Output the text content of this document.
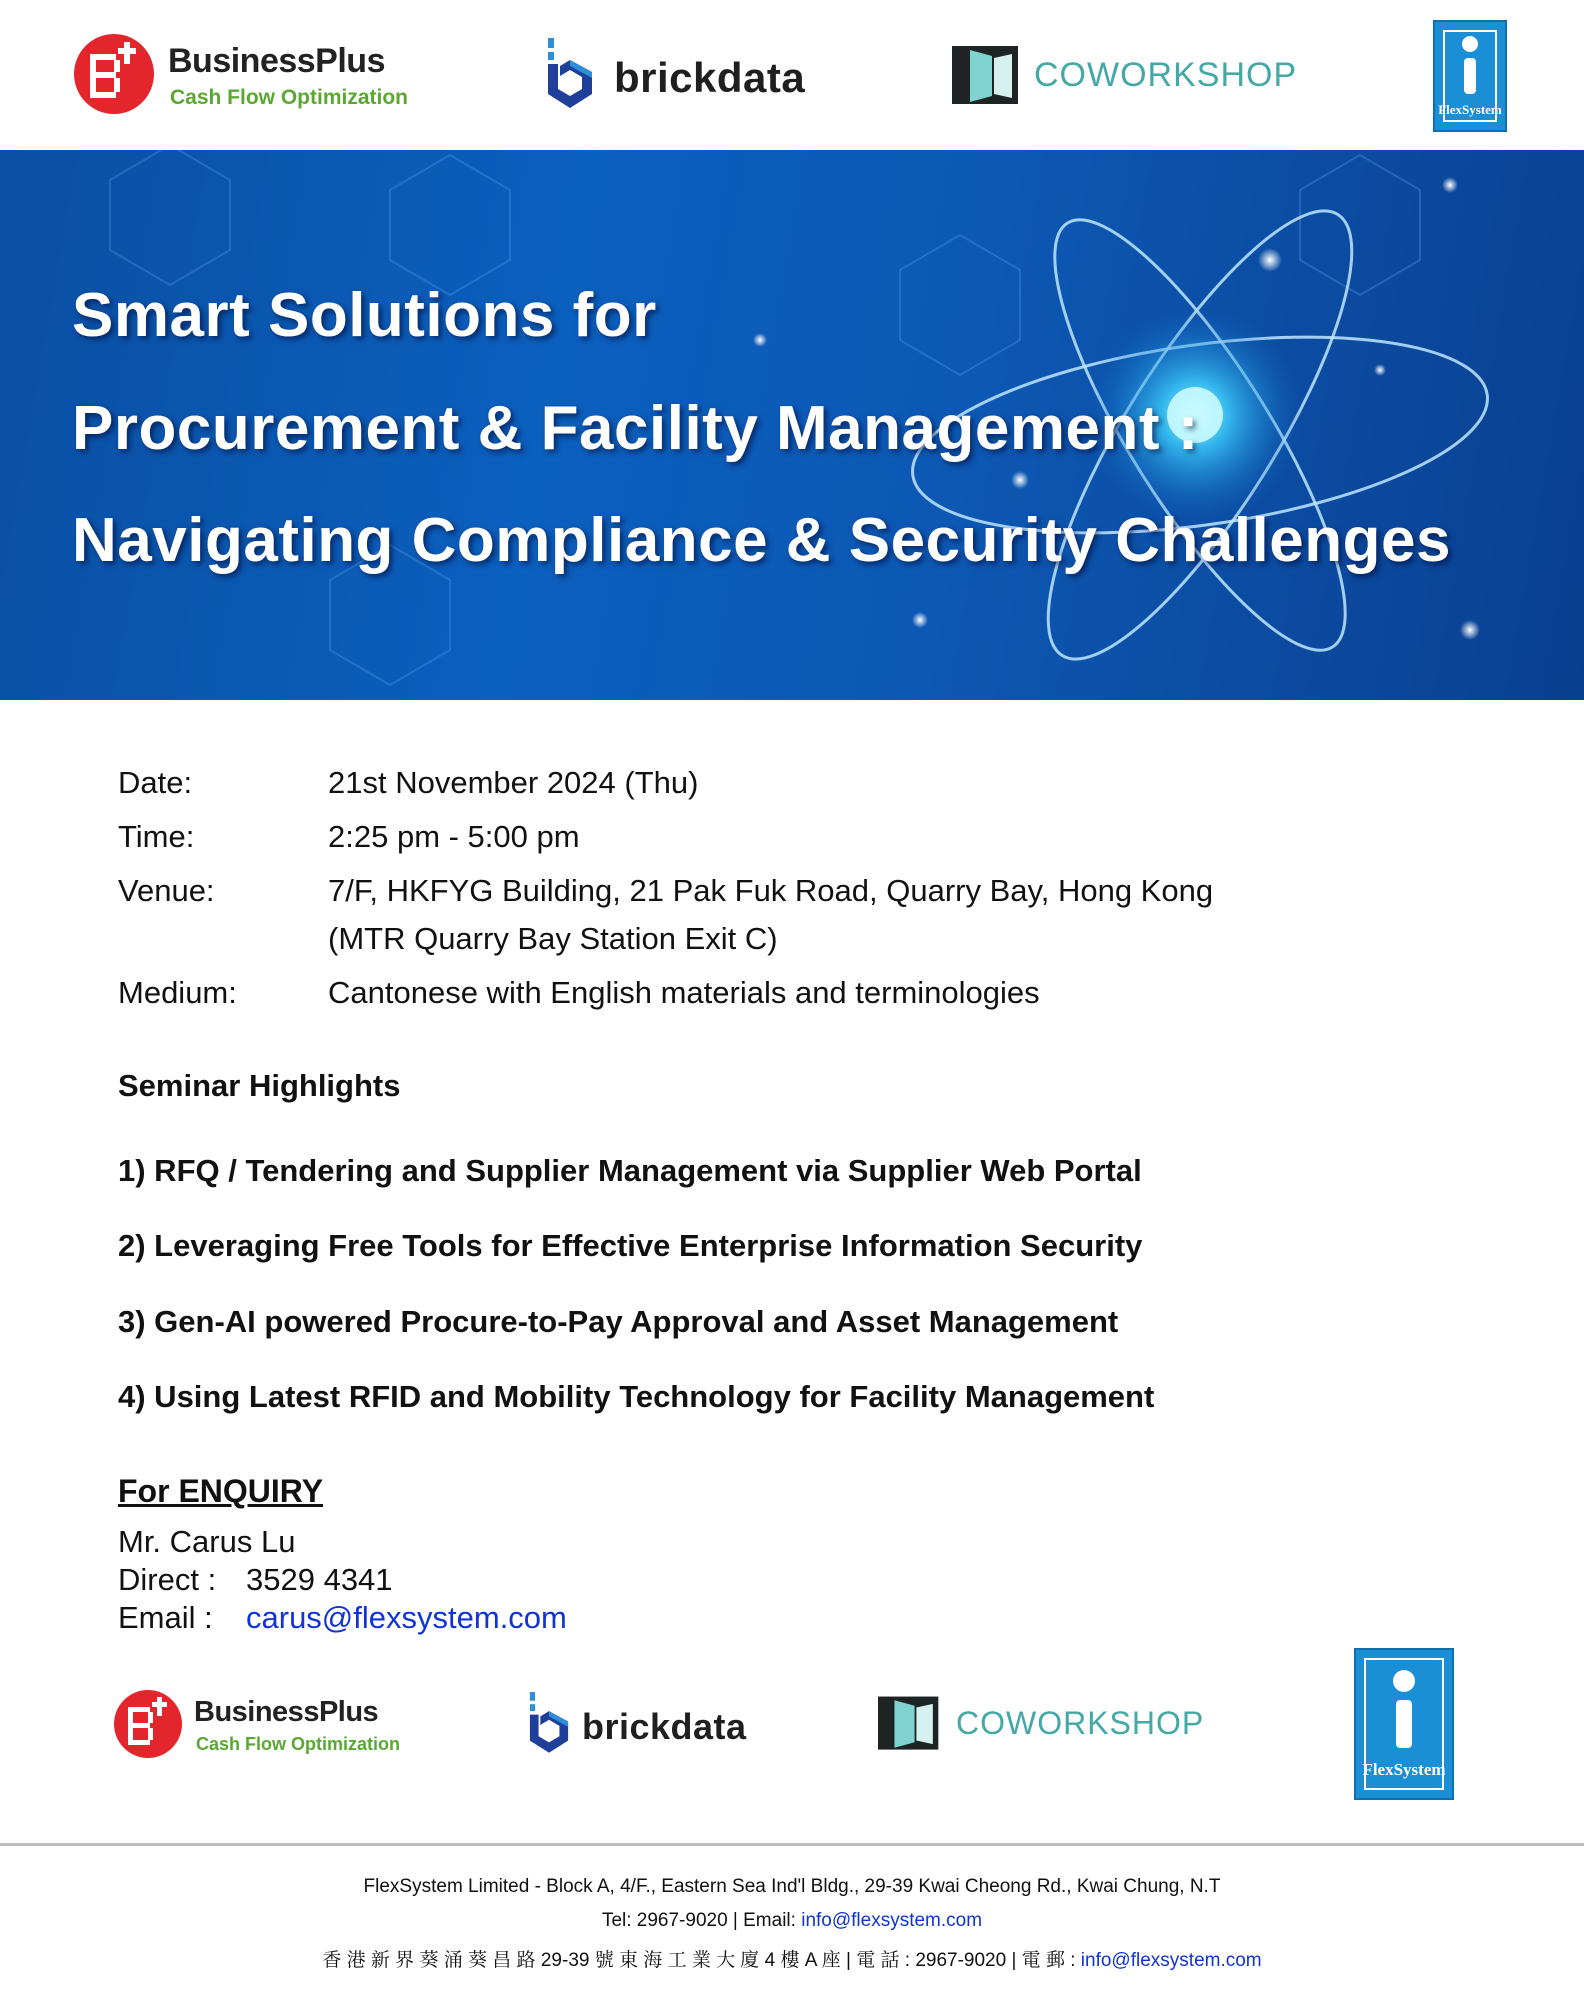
BusinessPlus
Cash Flow Optimization	brickdata	COWORKSHOP
FlexSystem
Smart Solutions for
Procurement & Facility Management :
Navigating Compliance & Security Challenges
Date:	21st November 2024 (Thu)
Time:	2:25 pm - 5:00 pm
Venue:	7/F, HKFYG Building, 21 Pak Fuk Road, Quarry Bay, Hong Kong
(MTR Quarry Bay Station Exit C)
Medium:	Cantonese with English materials and terminologies
Seminar Highlights
1) RFQ / Tendering and Supplier Management via Supplier Web Portal
2) Leveraging Free Tools for Effective Enterprise Information Security
3) Gen-AI powered Procure-to-Pay Approval and Asset Management
4) Using Latest RFID and Mobility Technology for Facility Management
For ENQUIRY
Mr. Carus Lu
Direct : 3529 4341
Email : carus@flexsystem.com
BusinessPlus
Cash Flow Optimization	brickdata	COWORKSHOP
FlexSystem
FlexSystem Limited - Block A, 4/F., Eastern Sea Ind'l Bldg., 29-39 Kwai Cheong Rd., Kwai Chung, N.T
Tel: 2967-9020 | Email: info@flexsystem.com
香 港 新 界 葵 涌 葵 昌 路 29-39 號 東 海 工 業 大 廈 4 樓 A 座 | 電 話 : 2967-9020 | 電 郵 : info@flexsystem.com
